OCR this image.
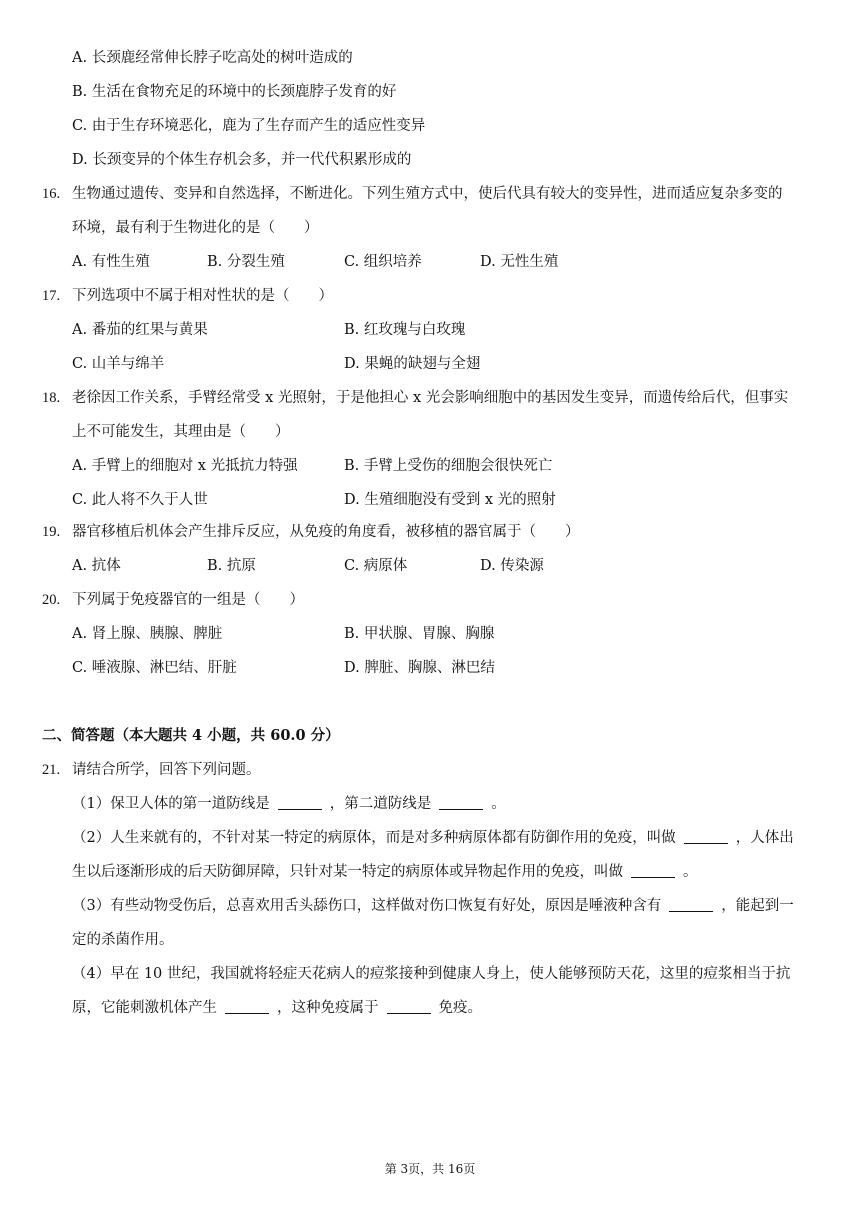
A. 长颈鹿经常伸长脖子吃高处的树叶造成的
B. 生活在食物充足的环境中的长颈鹿脖子发育的好
C. 由于生存环境恶化，鹿为了生存而产生的适应性变异
D. 长颈变异的个体生存机会多，并一代代积累形成的
16. 生物通过遗传、变异和自然选择，不断进化。下列生殖方式中，使后代具有较大的变异性，进而适应复杂多变的
环境，最有利于生物进化的是（　　）
A. 有性生殖	B. 分裂生殖	C. 组织培养	D. 无性生殖
17. 下列选项中不属于相对性状的是（　　）
A. 番茄的红果与黄果	B. 红玫瑰与白玫瑰
C. 山羊与绵羊	D. 果蝇的缺翅与全翅
18. 老徐因工作关系，手臂经常受 x 光照射，于是他担心 x 光会影响细胞中的基因发生变异，而遗传给后代，但事实
上不可能发生，其理由是（　　）
A. 手臂上的细胞对 x 光抵抗力特强	B. 手臂上受伤的细胞会很快死亡
C. 此人将不久于人世	D. 生殖细胞没有受到 x 光的照射
19. 器官移植后机体会产生排斥反应，从免疫的角度看，被移植的器官属于（　　）
A. 抗体	B. 抗原	C. 病原体	D. 传染源
20. 下列属于免疫器官的一组是（　　）
A. 肾上腺、胰腺、脾脏	B. 甲状腺、胃腺、胸腺
C. 唾液腺、淋巴结、肝脏	D. 脾脏、胸腺、淋巴结
二、简答题（本大题共 4 小题，共 60.0 分）
21. 请结合所学，回答下列问题。
（1）保卫人体的第一道防线是	，第二道防线是	。
（2）人生来就有的，不针对某一特定的病原体，而是对多种病原体都有防御作用的免疫，叫做	，人体出
生以后逐渐形成的后天防御屏障，只针对某一特定的病原体或异物起作用的免疫，叫做	。
（3）有些动物受伤后，总喜欢用舌头舔伤口，这样做对伤口恢复有好处，原因是唾液种含有	，能起到一
定的杀菌作用。
（4）早在 10 世纪，我国就将轻症天花病人的痘浆接种到健康人身上，使人能够预防天花，这里的痘浆相当于抗
原，它能刺激机体产生	，这种免疫属于	免疫。
第 3页，共 16页
